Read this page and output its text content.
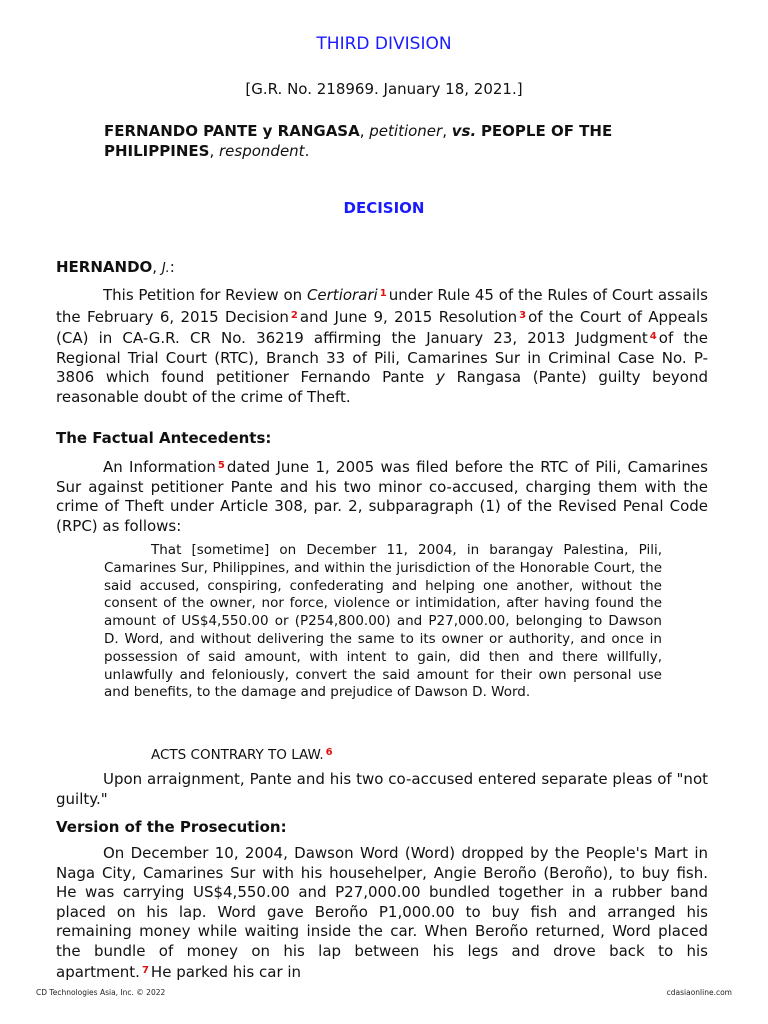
THIRD DIVISION
[G.R. No. 218969. January 18, 2021.]
FERNANDO PANTE y RANGASA, petitioner, vs. PEOPLE OF THE PHILIPPINES, respondent.
DECISION
HERNANDO, J.:

This Petition for Review on Certiorari $^1$ under Rule 45 of the Rules of Court assails the February 6, 2015 Decision $^2$ and June 9, 2015 Resolution $^3$ of the Court of Appeals (CA) in CA-G.R. CR No. 36219 affirming the January 23, 2013 Judgment $^4$ of the Regional Trial Court (RTC), Branch 33 of Pili, Camarines Sur in Criminal Case No. P-3806 which found petitioner Fernando Pante y Rangasa (Pante) guilty beyond reasonable doubt of the crime of Theft.

The Factual Antecedents:

An Information $^5$ dated June 1, 2005 was filed before the RTC of Pili, Camarines Sur against petitioner Pante and his two minor co-accused, charging them with the crime of Theft under Article 308, par. 2, subparagraph (1) of the Revised Penal Code (RPC) as follows:

That [sometime] on December 11, 2004, in barangay Palestina, Pili, Camarines Sur, Philippines, and within the jurisdiction of the Honorable Court, the said accused, conspiring, confederating and helping one another, without the consent of the owner, nor force, violence or intimidation, after having found the amount of US$4,550.00 or (P254,800.00) and P27,000.00, belonging to Dawson D. Word, and without delivering the same to its owner or authority, and once in possession of said amount, with intent to gain, did then and there willfully, unlawfully and feloniously, convert the said amount for their own personal use and benefits, to the damage and prejudice of Dawson D. Word.

ACTS CONTRARY TO LAW. $^6$

Upon arraignment, Pante and his two co-accused entered separate pleas of "not guilty."

Version of the Prosecution:

On December 10, 2004, Dawson Word (Word) dropped by the People's Mart in Naga City, Camarines Sur with his househelper, Angie Beroño (Beroño), to buy fish. He was carrying US$4,550.00 and P27,000.00 bundled together in a rubber band placed on his lap. Word gave Beroño P1,000.00 to buy fish and arranged his remaining money while waiting inside the car. When Beroño returned, Word placed the bundle of money on his lap between his legs and drove back to his apartment. $^7$ He parked his car in

CD Technologies Asia, Inc. © 2022	cdasiaonline.com
